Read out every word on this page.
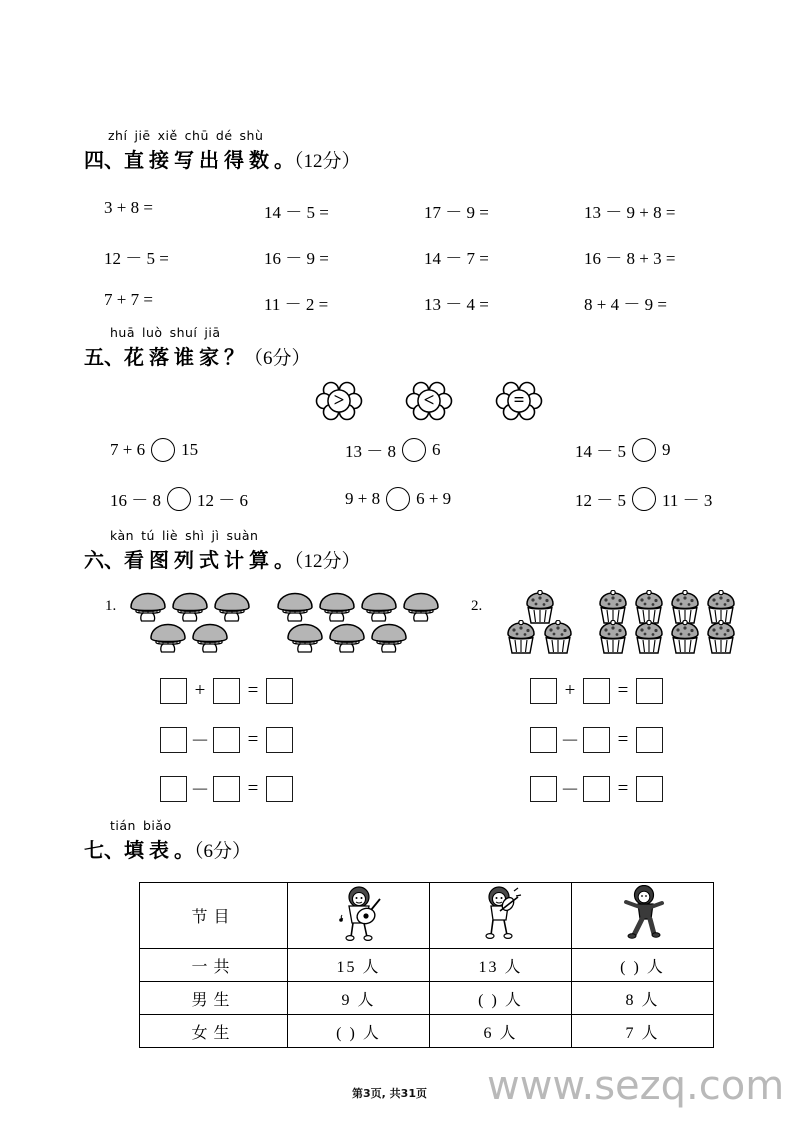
zhí jiē xiě chū dé shù
四、直接写出得数。（12分）
3 + 8 =	14 － 5 =	17 － 9 =	13 － 9 + 8 =
12 － 5 =	16 － 9 =	14 － 7 =	16 － 8 + 3 =
7 + 7 =	11 － 2 =	13 － 4 =	8 + 4 － 9 =
huā luò shuí jiā
五、花落谁家？（6分）
>	<	=
7 + 6 15	13 － 8 6	14 － 5 9
16 － 8 12 － 6	9 + 8 6 + 9	12 － 5 11 － 3
kàn tú liè shì jì suàn
六、看图列式计算。（12分）
1.
+	=
－	=
－	=
2.
+	=
－	=
－	=
tián biǎo
七、填表。（6分）
节目			
一共	15 人	13 人	( ) 人
男生	9 人	( ) 人	8 人
女生	( ) 人	6 人	7 人
第3页, 共31页 www.sezq.com
